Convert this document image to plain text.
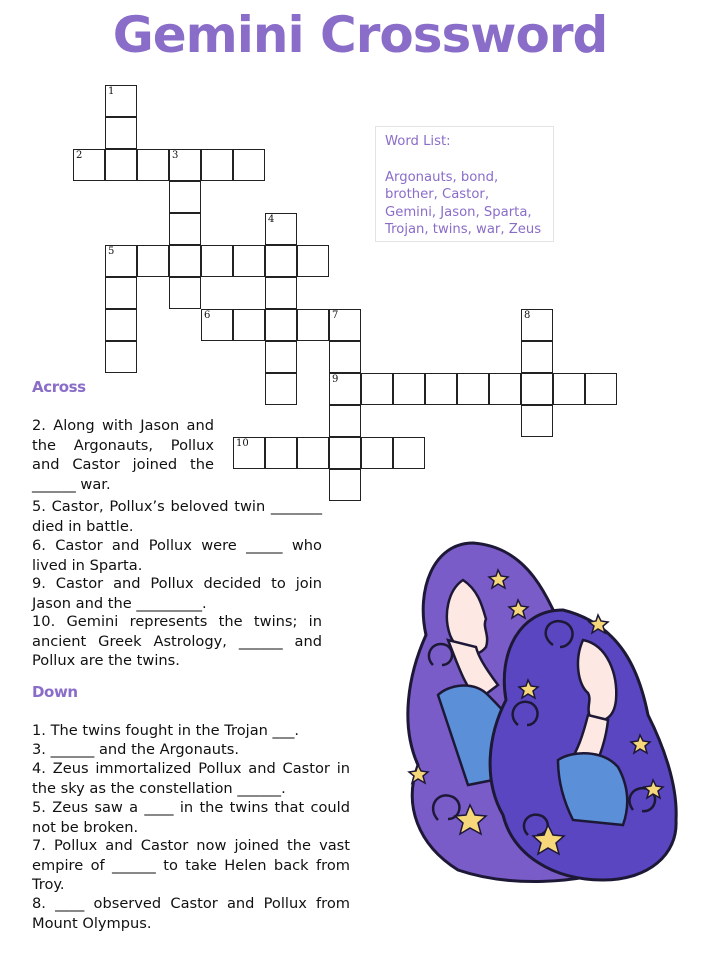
Gemini Crossword
1
2	3
4
5
6	7	8
9
10
Word List:
Argonauts, bond, brother, Castor, Gemini, Jason, Sparta, Trojan, twins, war, Zeus
Across

2. Along with Jason and the Argonauts, Pollux and Castor joined the ______ war.

5. Castor, Pollux’s beloved twin _______ died in battle.

6. Castor and Pollux were _____ who lived in Sparta.

9. Castor and Pollux decided to join Jason and the _________.

10. Gemini represents the twins; in ancient Greek Astrology, ______ and Pollux are the twins.

Down

1. The twins fought in the Trojan ___.

3. ______ and the Argonauts.

4. Zeus immortalized Pollux and Castor in the sky as the constellation ______.

5. Zeus saw a ____ in the twins that could not be broken.

7. Pollux and Castor now joined the vast empire of ______ to take Helen back from Troy.

8. ____ observed Castor and Pollux from Mount Olympus.
